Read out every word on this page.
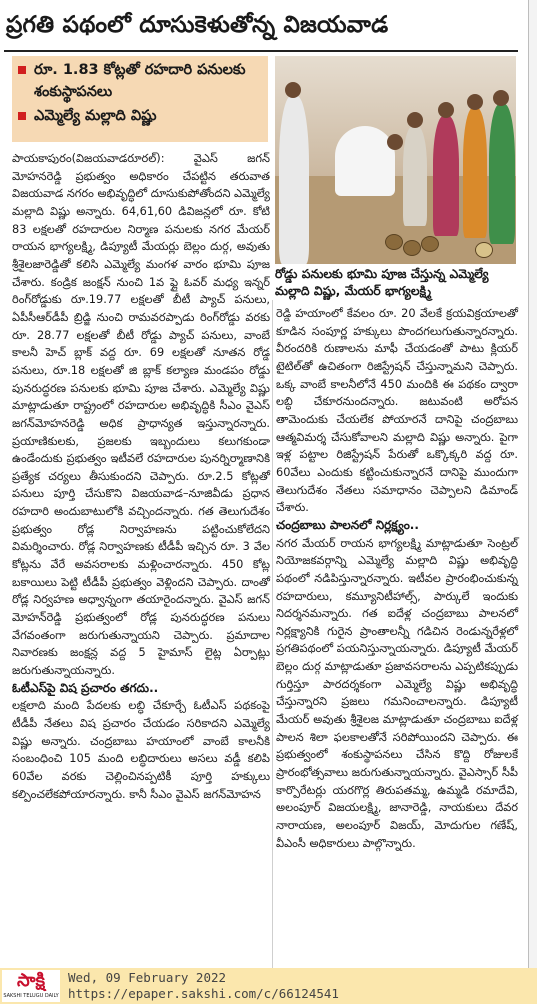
ప్రగతి పథంలో దూసుకెళుతోన్న విజయవాడ
రూ. 1.83 కోట్లతో రహదారి పనులకు
శంకుస్థాపనలు
ఎమ్మెల్యే మల్లాది విష్ణు
రోడ్డు పనులకు భూమి పూజ చేస్తున్న ఎమ్మెల్యే మల్లాది విష్ణు, మేయర్ భాగ్యలక్ష్మి

పాయకాపురం(విజయవాడరూరల్): వైఎస్ జగన్ మోహనరెడ్డి ప్రభుత్వం అధికారం చేపట్టిన తరువాత విజయవాడ నగరం అభివృద్ధిలో దూసుకుపోతోందని ఎమ్మెల్యే మల్లాది విష్ణు అన్నారు. 64,61,60 డివిజన్లలో రూ. కోటి 83 లక్షలతో రహదారుల నిర్మాణ పనులకు నగర మేయర్ రాయన భాగ్యలక్ష్మి, డిప్యూటీ మేయర్లు బెల్లం దుర్గ, అవుతు శ్రీశైలజారెడ్డితో కలిసి ఎమ్మెల్యే మంగళ వారం భూమి పూజ చేశారు. కండ్రిక జంక్షన్ నుంచి 1వ ఫ్లై ఓవర్ మధ్య ఇన్నర్ రింగ్‌రోడ్డుకు రూ.19.77 లక్షలతో బీటీ ప్యాచ్ పనులు, ఏపీసీఆర్‌డీపీ బ్రిడ్జి నుంచి రామవరప్పాడు రింగ్‌రోడ్డు వరకు రూ. 28.77 లక్షలతో బీటీ రోడ్డు ప్యాచ్ పనులు, వాంబే కాలనీ హెచ్ బ్లాక్ వద్ద రూ. 69 లక్షలతో నూతన రోడ్డ పనులు, రూ.18 లక్షలతో జి బ్లాక్ కల్యాణ మండపం రోడ్డు పునరుద్ధరణ పనులకు భూమి పూజ చేశారు. ఎమ్మెల్యే విష్ణు మాట్లాడుతూ రాష్ట్రంలో రహదారుల అభివృద్ధికి సీఎం వైఎస్ జగన్‌మోహనరెడ్డి అధిక ప్రాధాన్యత ఇస్తున్నారన్నారు. ప్రయాణికులకు, ప్రజలకు ఇబ్బందులు కలుగకుండా ఉండేందుకు ప్రభుత్వం ఇటీవలే రహదారుల పునర్నిర్మాణానికి ప్రత్యేక చర్యలు తీసుకుందని చెప్పారు. రూ.2.5 కోట్లతో పనులు పూర్తి చేసుకొని విజయవాడ–నూజివీడు ప్రధాన రహదారి అందుబాటులోకి వచ్చిందన్నారు. గత తెలుగుదేశం ప్రభుత్వం రోడ్ల నిర్వాహణను పట్టించుకోలేదని విమర్శించారు. రోడ్ల నిర్వాహణకు టీడీపీ ఇచ్చిన రూ. 3 వేల కోట్లను వేరే అవసరాలకు మళ్లించారన్నారు. 450 కోట్ల బకాయిలు పెట్టి టీడీపీ ప్రభుత్వం వెళ్లిందని చెప్పారు. దాంతో రోడ్ల నిర్వహణ అధ్వాన్నంగా తయారైందన్నారు. వైఎస్ జగన్ మోహన్‌రెడ్డి ప్రభుత్వంలో రోడ్ల పునరుద్ధరణ పనులు వేగవంతంగా జరుగుతున్నాయని చెప్పారు. ప్రమాదాల నివారణకు జంక్షన్ల వద్ద 5 హైమాస్ లైట్ల ఏర్పాట్లు జరుగుతున్నాయన్నారు.

ఓటీఎస్‌పై విష ప్రచారం తగదు..

లక్షలాది మంది పేదలకు లబ్ధి చేకూర్చే ఓటీఎస్ పథకంపై టీడీపీ నేతలు విష ప్రచారం చేయడం సరికాదని ఎమ్మెల్యే విష్ణు అన్నారు. చంద్రబాబు హయాంలో వాంబే కాలనీకి సంబంధించి 105 మంది లబ్ధిదారులు అసలు వడ్డీ కలిపి 60వేల వరకు చెల్లించినప్పటికీ పూర్తి హక్కులు కల్పించలేకపోయారన్నారు. కానీ సీఎం వైఎస్ జగన్‌మోహన

రెడ్డి హయాంలో కేవలం రూ. 20 వేలకే క్రయవిక్రయాలతో కూడిన సంపూర్ణ హక్కులు పొందగలుగుతున్నారన్నారు. వీరందరికి రుణాలను మాఫీ చేయడంతో పాటు క్లియర్ టైటిల్‌తో ఉచితంగా రిజిస్ట్రేషన్ చేస్తున్నామని చెప్పారు. ఒక్క వాంబే కాలనీలోనే 450 మందికి ఈ పథకం ద్వారా లబ్ధి చేకూరనుందన్నారు. జటువంటి అరోపన తామెందుకు చేయలేక పోయారనే దానిపై చంద్రబాబు ఆత్మవిమర్శ చేసుకోవాలని మల్లాది విష్ణు అన్నారు. పైగా ఇళ్ల పట్టాల రిజిస్ట్రేషన్ పేరుతో ఒక్కొక్కరి వద్ద రూ. 60వేలు ఎందుకు కట్టించుకున్నారనే దానిపై ముందుగా తెలుగుదేశం నేతలు సమాధానం చెప్పాలని డిమాండ్ చేశారు.

చంద్రబాబు పాలనలో నిర్లక్ష్యం..

నగర మేయర్ రాయన భాగ్యలక్ష్మి మాట్లాడుతూ సెంట్రల్ నియోజకవర్గాన్ని ఎమ్మెల్యే మల్లాది విష్ణు అభివృద్ధి పథంలో నడిపిస్తున్నారన్నారు. ఇటీవల ప్రారంభించుకున్న రహదారులు, కమ్యూనిటీహాల్స్, పార్కులే ఇందుకు నిదర్శనమన్నారు. గత ఐదేళ్ల చంద్రబాబు పాలనలో నిర్లక్ష్యానికి గురైన ప్రాంతాలన్నీ గడిచిన రెండున్నరేళ్లలో ప్రగతిపథంలో పయనిస్తున్నాయన్నారు. డిప్యూటీ మేయర్ బెల్లం దుర్గ మాట్లాడుతూ ప్రజావసరాలను ఎప్పటికప్పుడు గుర్తిస్తూ పారదర్శకంగా ఎమ్మెల్యే విష్ణు అభివృద్ధి చేస్తున్నారని ప్రజలు గమనించాలన్నారు. డిప్యూటీ మేయర్ అవుతు శ్రీశైలజ మాట్లాడుతూ చంద్రబాబు ఐదేళ్ల పాలన శిలా ఫలకాలతోనే సరిపోయిందని చెప్పారు. ఈ ప్రభుత్వంలో శంకుస్థాపనలు చేసిన కొద్ది రోజులకే ప్రారంభోత్సవాలు జరుగుతున్నాయన్నారు. వైఎస్సార్ సీపీ కార్పొరేటర్లు యరగొర్ల తిరుపతమ్మ, ఉమ్మడి రమాదేవి, అలంపూర్ విజయలక్ష్మి, జానారెడ్డి, నాయకులు దేవర నారాయణ, అలంపూర్ విజయ్, మోదుగుల గణేష్, వీఎంసీ అధికారులు పాల్గొన్నారు.

సాక్షి
SAKSHI TELUGU DAILY
Wed, 09 February 2022
https://epaper.sakshi.com/c/66124541
